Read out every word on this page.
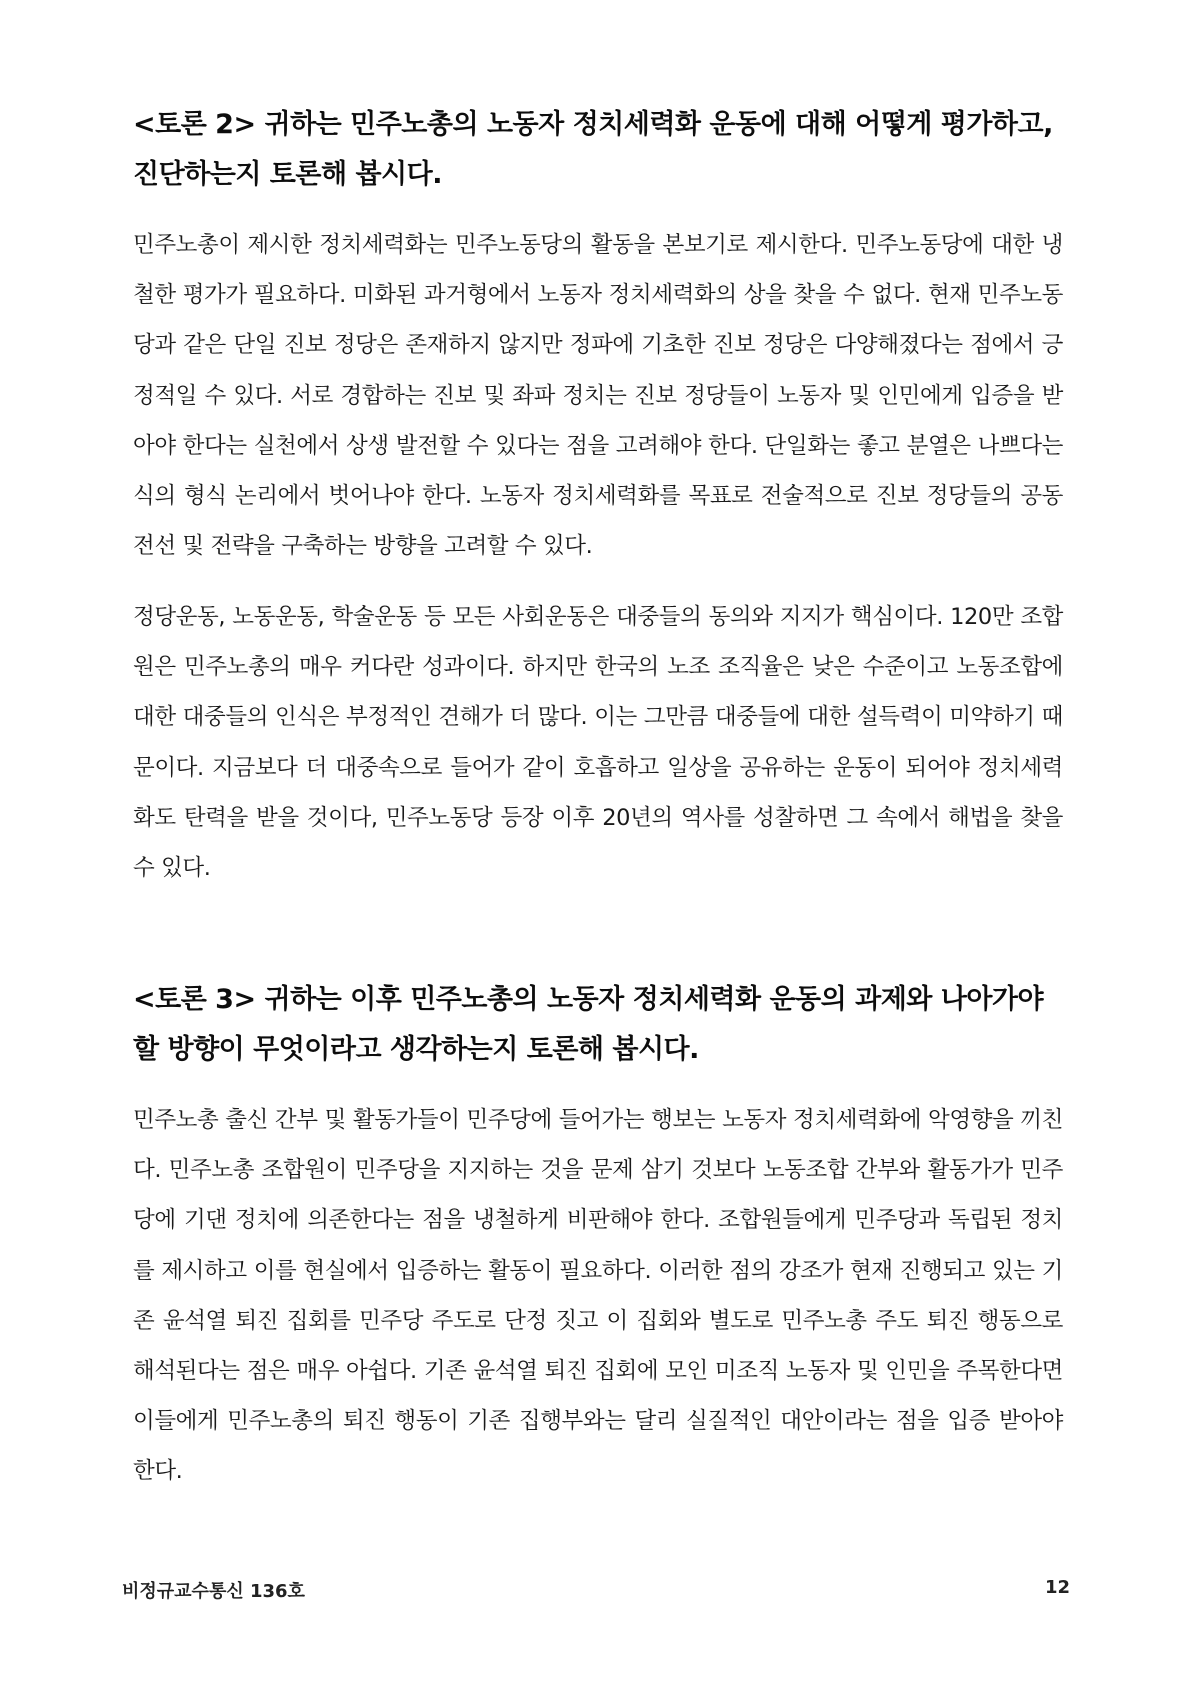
<토론 2> 귀하는 민주노총의 노동자 정치세력화 운동에 대해 어떻게 평가하고, 진단하는지 토론해 봅시다.

민주노총이 제시한 정치세력화는 민주노동당의 활동을 본보기로 제시한다. 민주노동당에 대한 냉철한 평가가 필요하다. 미화된 과거형에서 노동자 정치세력화의 상을 찾을 수 없다. 현재 민주노동당과 같은 단일 진보 정당은 존재하지 않지만 정파에 기초한 진보 정당은 다양해졌다는 점에서 긍정적일 수 있다. 서로 경합하는 진보 및 좌파 정치는 진보 정당들이 노동자 및 인민에게 입증을 받아야 한다는 실천에서 상생 발전할 수 있다는 점을 고려해야 한다. 단일화는 좋고 분열은 나쁘다는 식의 형식 논리에서 벗어나야 한다. 노동자 정치세력화를 목표로 전술적으로 진보 정당들의 공동 전선 및 전략을 구축하는 방향을 고려할 수 있다.

정당운동, 노동운동, 학술운동 등 모든 사회운동은 대중들의 동의와 지지가 핵심이다. 120만 조합원은 민주노총의 매우 커다란 성과이다. 하지만 한국의 노조 조직율은 낮은 수준이고 노동조합에 대한 대중들의 인식은 부정적인 견해가 더 많다. 이는 그만큼 대중들에 대한 설득력이 미약하기 때문이다. 지금보다 더 대중속으로 들어가 같이 호흡하고 일상을 공유하는 운동이 되어야 정치세력화도 탄력을 받을 것이다, 민주노동당 등장 이후 20년의 역사를 성찰하면 그 속에서 해법을 찾을 수 있다.

<토론 3> 귀하는 이후 민주노총의 노동자 정치세력화 운동의 과제와 나아가야 할 방향이 무엇이라고 생각하는지 토론해 봅시다.

민주노총 출신 간부 및 활동가들이 민주당에 들어가는 행보는 노동자 정치세력화에 악영향을 끼친다. 민주노총 조합원이 민주당을 지지하는 것을 문제 삼기 것보다 노동조합 간부와 활동가가 민주당에 기댄 정치에 의존한다는 점을 냉철하게 비판해야 한다. 조합원들에게 민주당과 독립된 정치를 제시하고 이를 현실에서 입증하는 활동이 필요하다. 이러한 점의 강조가 현재 진행되고 있는 기존 윤석열 퇴진 집회를 민주당 주도로 단정 짓고 이 집회와 별도로 민주노총 주도 퇴진 행동으로 해석된다는 점은 매우 아쉽다. 기존 윤석열 퇴진 집회에 모인 미조직 노동자 및 인민을 주목한다면 이들에게 민주노총의 퇴진 행동이 기존 집행부와는 달리 실질적인 대안이라는 점을 입증 받아야 한다.

비정규교수통신 136호	12
